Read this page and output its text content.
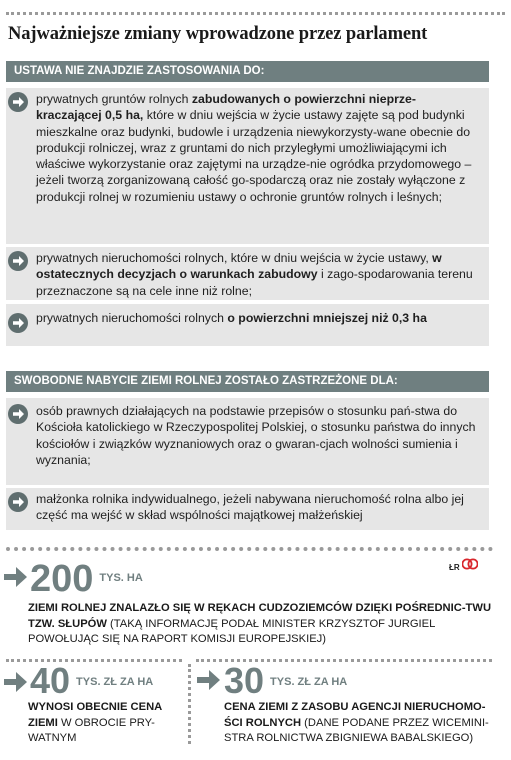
Najważniejsze zmiany wprowadzone przez parlament
USTAWA NIE ZNAJDZIE ZASTOSOWANIA DO:
prywatnych gruntów rolnych zabudowanych o powierzchni nieprze-kraczającej 0,5 ha, które w dniu wejścia w życie ustawy zajęte są pod budynki mieszkalne oraz budynki, budowle i urządzenia niewykorzysty-wane obecnie do produkcji rolniczej, wraz z gruntami do nich przyległymi umożliwiającymi ich właściwe wykorzystanie oraz zajętymi na urządze-nie ogródka przydomowego – jeżeli tworzą zorganizowaną całość go-spodarczą oraz nie zostały wyłączone z produkcji rolnej w rozumieniu ustawy o ochronie gruntów rolnych i leśnych;
prywatnych nieruchomości rolnych, które w dniu wejścia w życie ustawy, w ostatecznych decyzjach o warunkach zabudowy i zago-spodarowania terenu przeznaczone są na cele inne niż rolne;
prywatnych nieruchomości rolnych o powierzchni mniejszej niż 0,3 ha
SWOBODNE NABYCIE ZIEMI ROLNEJ ZOSTAŁO ZASTRZEŻONE DLA:
osób prawnych działających na podstawie przepisów o stosunku pań-stwa do Kościoła katolickiego w Rzeczypospolitej Polskiej, o stosunku państwa do innych kościołów i związków wyznaniowych oraz o gwaran-cjach wolności sumienia i wyznania;
małżonka rolnika indywidualnego, jeżeli nabywana nieruchomość rolna albo jej część ma wejść w skład wspólności majątkowej małżeńskiej
200 TYS. HA
ŁR
ZIEMI ROLNEJ ZNALAZŁO SIĘ W RĘKACH CUDZOZIEMCÓW DZIĘKI POŚREDNIC-TWU TZW. SŁUPÓW (TAKĄ INFORMACJĘ PODAŁ MINISTER KRZYSZTOF JURGIEL POWOŁUJĄC SIĘ NA RAPORT KOMISJI EUROPEJSKIEJ)
40 TYS. ZŁ ZA HA
WYNOSI OBECNIE CENA ZIEMI W OBROCIE PRY-WATNYM
30 TYS. ZŁ ZA HA
CENA ZIEMI Z ZASOBU AGENCJI NIERUCHOMO-ŚCI ROLNYCH (DANE PODANE PRZEZ WICEMINI-STRA ROLNICTWA ZBIGNIEWA BABALSKIEGO)
